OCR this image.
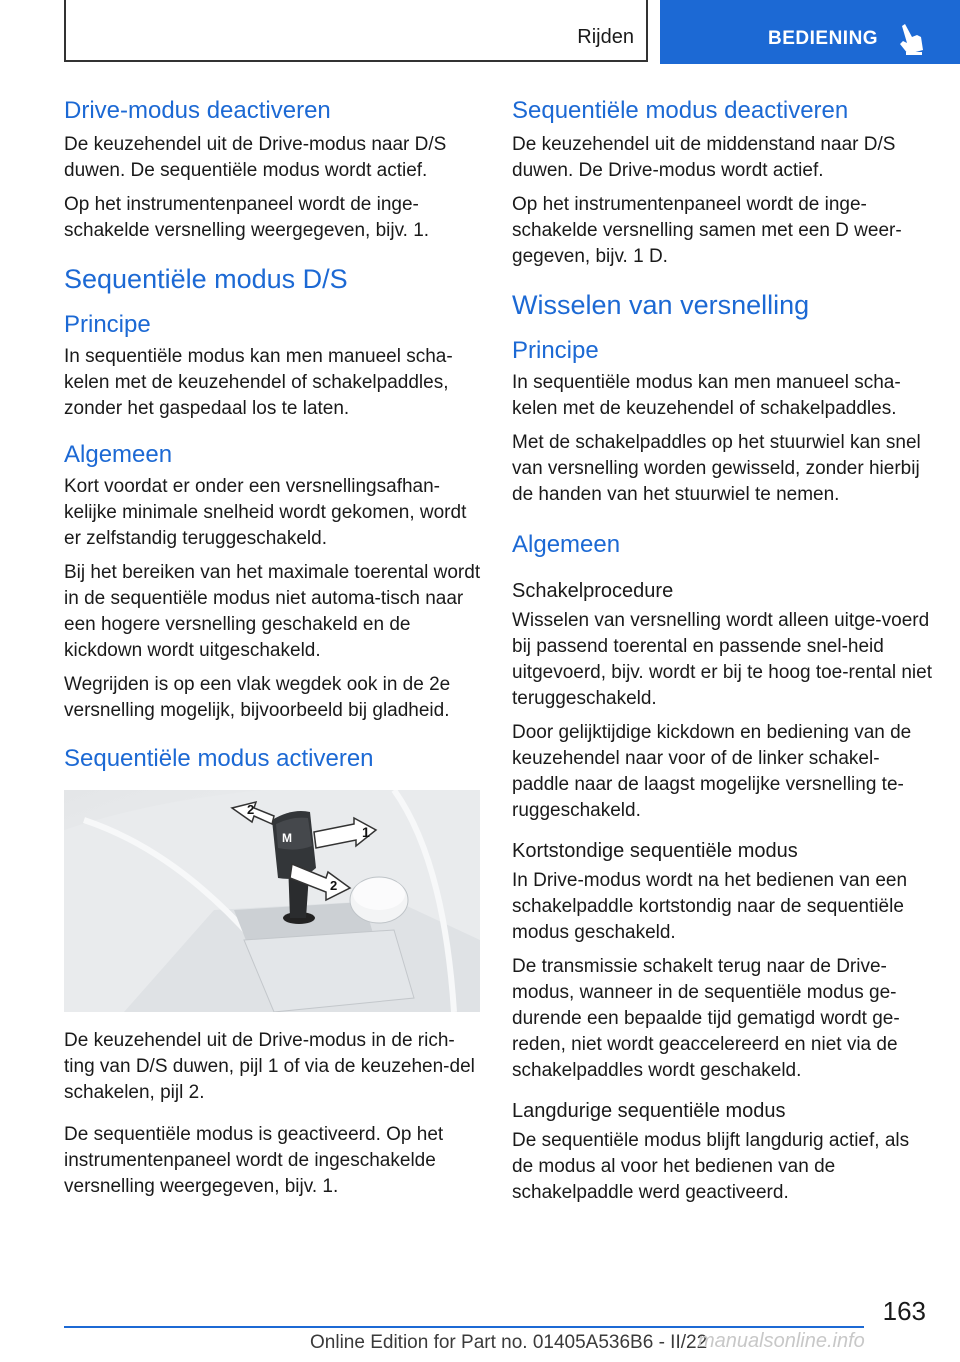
Rijden	BEDIENING
Drive-modus deactiveren

De keuzehendel uit de Drive-modus naar D/S duwen. De sequentiële modus wordt actief.

Op het instrumentenpaneel wordt de inge-schakelde versnelling weergegeven, bijv. 1.

Sequentiële modus D/S
Principe

In sequentiële modus kan men manueel scha-kelen met de keuzehendel of schakelpaddles, zonder het gaspedaal los te laten.

Algemeen

Kort voordat er onder een versnellingsafhan-kelijke minimale snelheid wordt gekomen, wordt er zelfstandig teruggeschakeld.

Bij het bereiken van het maximale toerental wordt in de sequentiële modus niet automa-tisch naar een hogere versnelling geschakeld en de kickdown wordt uitgeschakeld.

Wegrijden is op een vlak wegdek ook in de 2e versnelling mogelijk, bijvoorbeeld bij gladheid.

Sequentiële modus activeren
M	1
2
2

De keuzehendel uit de Drive-modus in de rich-ting van D/S duwen, pijl 1 of via de keuzehen-del schakelen, pijl 2.

De sequentiële modus is geactiveerd. Op het instrumentenpaneel wordt de ingeschakelde versnelling weergegeven, bijv. 1.

Sequentiële modus deactiveren

De keuzehendel uit de middenstand naar D/S duwen. De Drive-modus wordt actief.

Op het instrumentenpaneel wordt de inge-schakelde versnelling samen met een D weer-gegeven, bijv. 1 D.

Wisselen van versnelling
Principe

In sequentiële modus kan men manueel scha-kelen met de keuzehendel of schakelpaddles.

Met de schakelpaddles op het stuurwiel kan snel van versnelling worden gewisseld, zonder hierbij de handen van het stuurwiel te nemen.

Algemeen
Schakelprocedure

Wisselen van versnelling wordt alleen uitge-voerd bij passend toerental en passende snel-heid uitgevoerd, bijv. wordt er bij te hoog toe-rental niet teruggeschakeld.

Door gelijktijdige kickdown en bediening van de keuzehendel naar voor of de linker schakel-paddle naar de laagst mogelijke versnelling te-ruggeschakeld.

Kortstondige sequentiële modus

In Drive-modus wordt na het bedienen van een schakelpaddle kortstondig naar de sequentiële modus geschakeld.

De transmissie schakelt terug naar de Drive-modus, wanneer in de sequentiële modus ge-durende een bepaalde tijd gematigd wordt ge-reden, niet wordt geaccelereerd en niet via de schakelpaddles wordt geschakeld.

Langdurige sequentiële modus

De sequentiële modus blijft langdurig actief, als de modus al voor het bedienen van de schakelpaddle werd geactiveerd.

163
Online Edition for Part no. 01405A536B6 - II/22
manualsonline.info
